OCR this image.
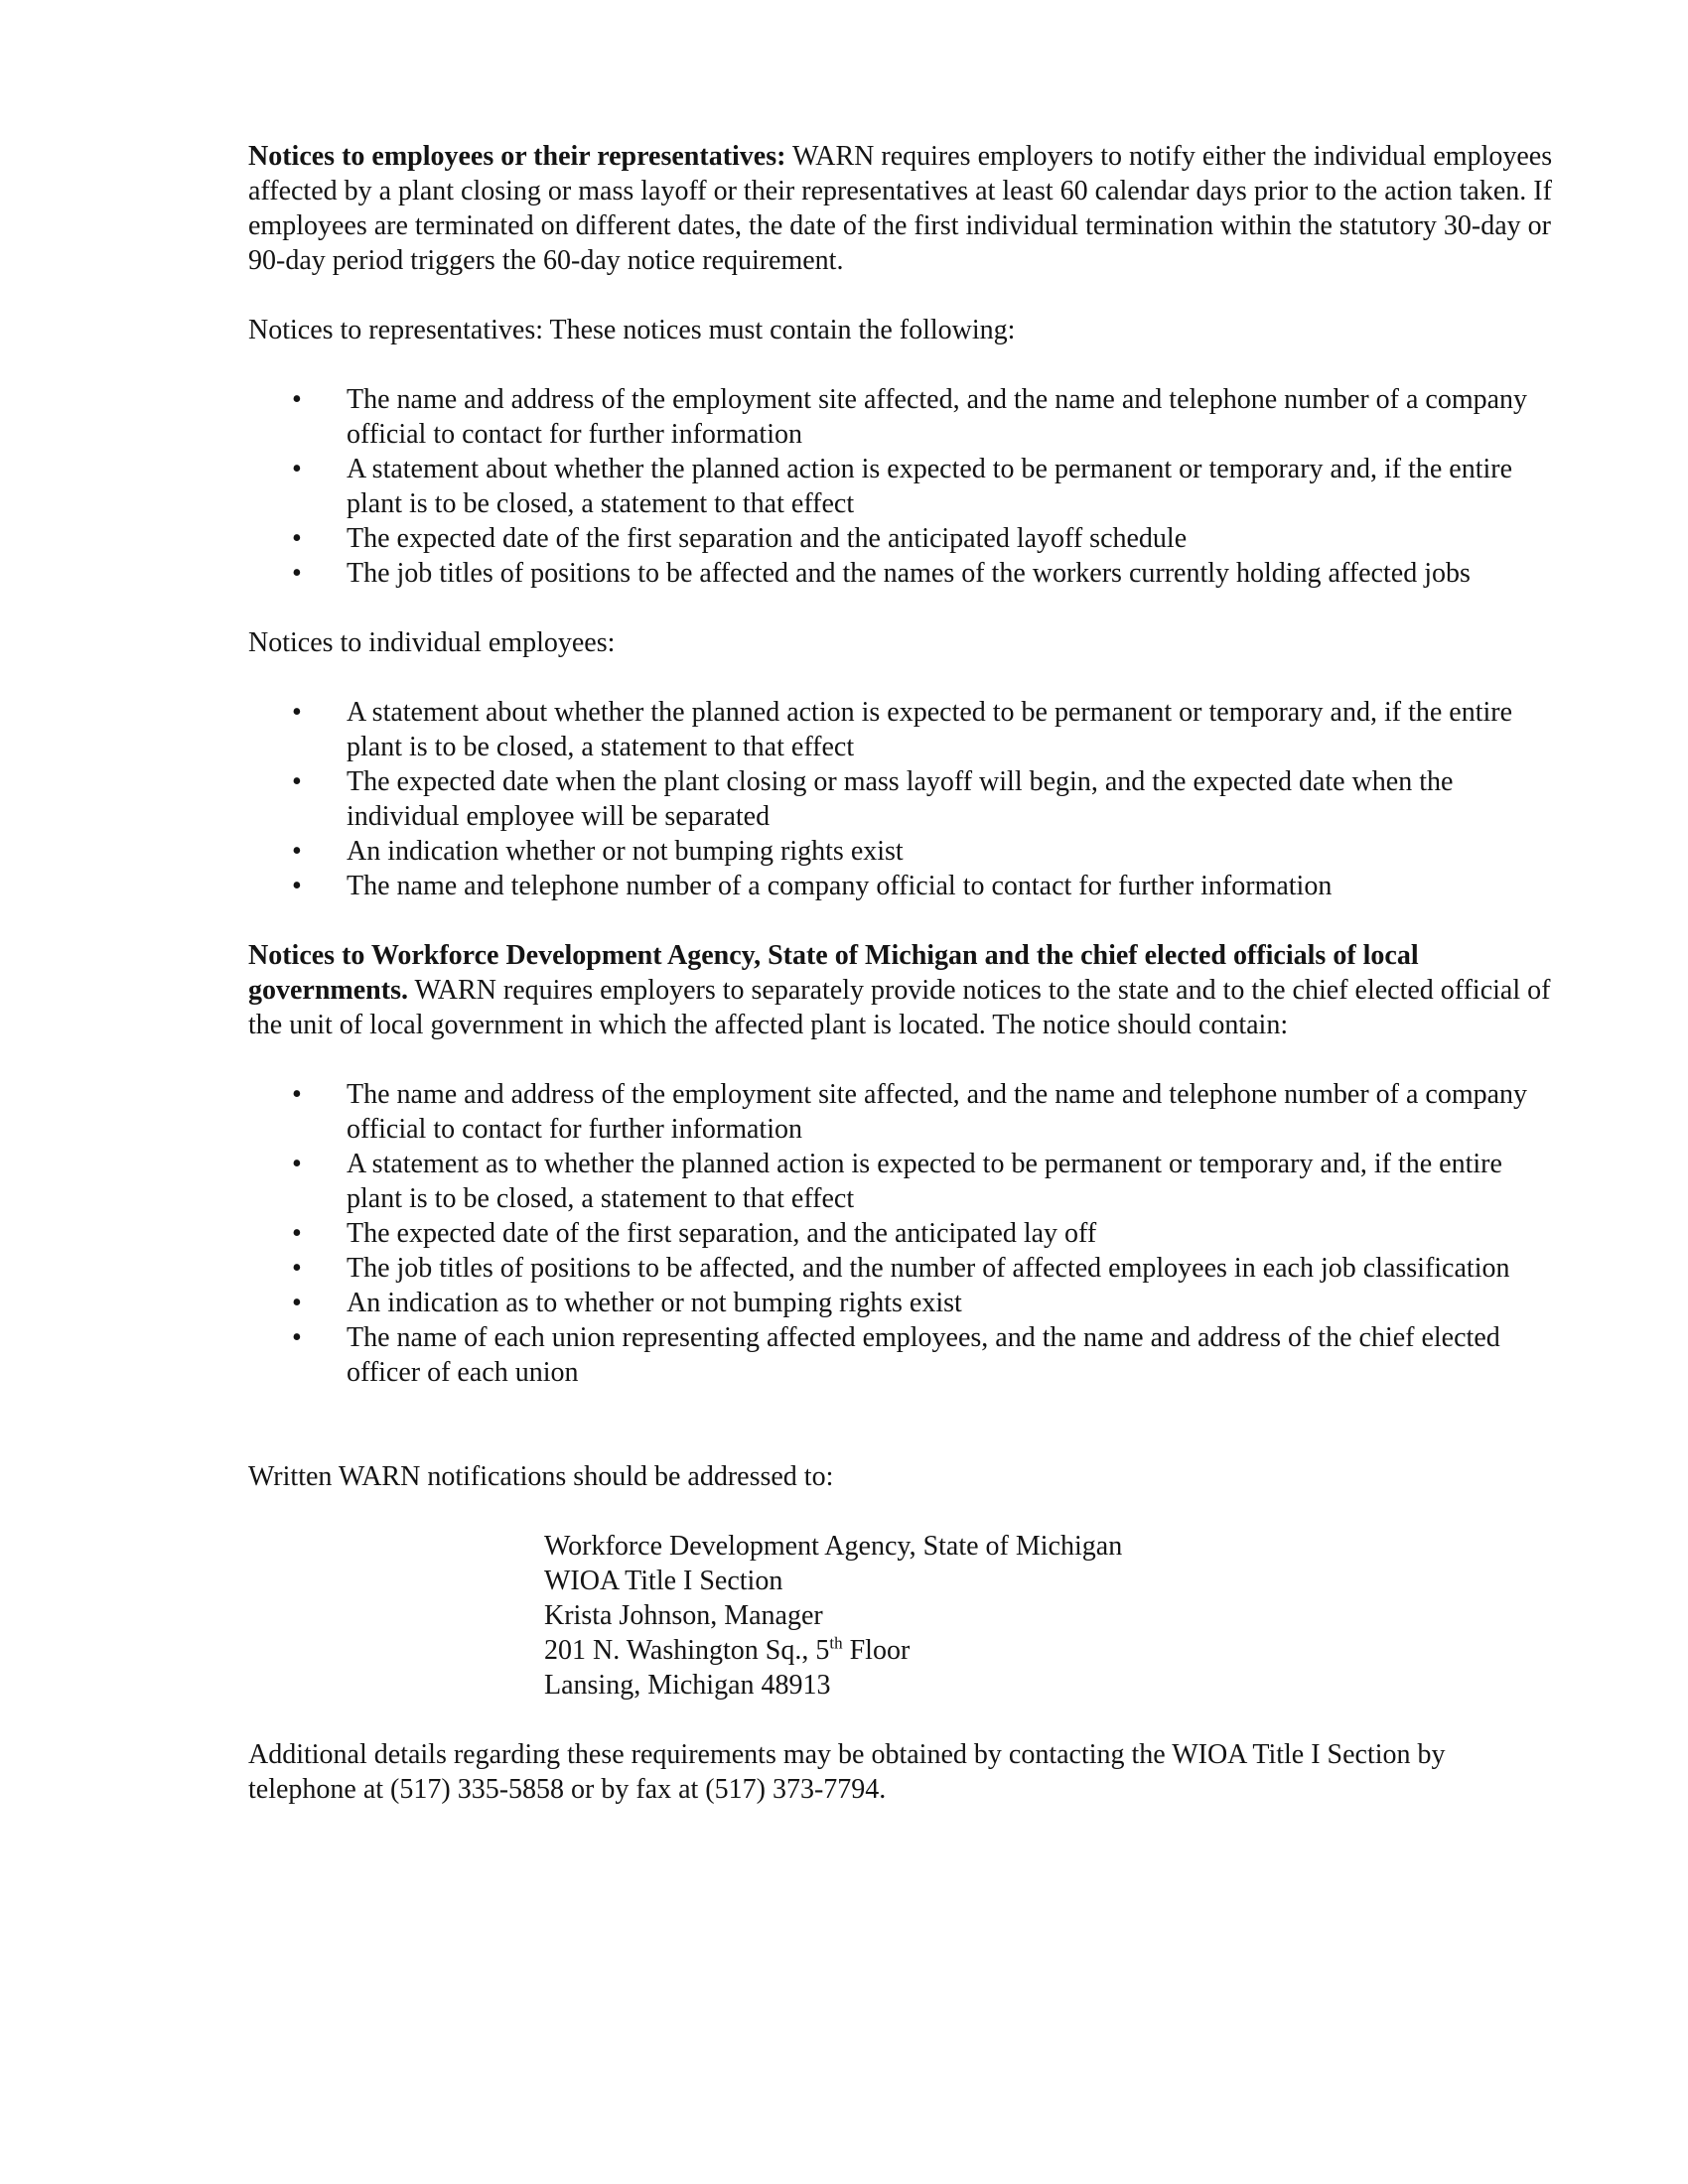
Notices to employees or their representatives: WARN requires employers to notify either the individual employees affected by a plant closing or mass layoff or their representatives at least 60 calendar days prior to the action taken. If employees are terminated on different dates, the date of the first individual termination within the statutory 30-day or 90-day period triggers the 60-day notice requirement.

Notices to representatives: These notices must contain the following:

• The name and address of the employment site affected, and the name and telephone number of a company official to contact for further information
• A statement about whether the planned action is expected to be permanent or temporary and, if the entire plant is to be closed, a statement to that effect
• The expected date of the first separation and the anticipated layoff schedule
• The job titles of positions to be affected and the names of the workers currently holding affected jobs

Notices to individual employees:

• A statement about whether the planned action is expected to be permanent or temporary and, if the entire plant is to be closed, a statement to that effect
• The expected date when the plant closing or mass layoff will begin, and the expected date when the individual employee will be separated
• An indication whether or not bumping rights exist
• The name and telephone number of a company official to contact for further information

Notices to Workforce Development Agency, State of Michigan and the chief elected officials of local governments. WARN requires employers to separately provide notices to the state and to the chief elected official of the unit of local government in which the affected plant is located. The notice should contain:

• The name and address of the employment site affected, and the name and telephone number of a company official to contact for further information
• A statement as to whether the planned action is expected to be permanent or temporary and, if the entire plant is to be closed, a statement to that effect
• The expected date of the first separation, and the anticipated lay off
• The job titles of positions to be affected, and the number of affected employees in each job classification
• An indication as to whether or not bumping rights exist
• The name of each union representing affected employees, and the name and address of the chief elected officer of each union

Written WARN notifications should be addressed to:

Workforce Development Agency, State of Michigan
WIOA Title I Section
Krista Johnson, Manager
201 N. Washington Sq., 5th Floor
Lansing, Michigan 48913

Additional details regarding these requirements may be obtained by contacting the WIOA Title I Section by telephone at (517) 335-5858 or by fax at (517) 373-7794.
